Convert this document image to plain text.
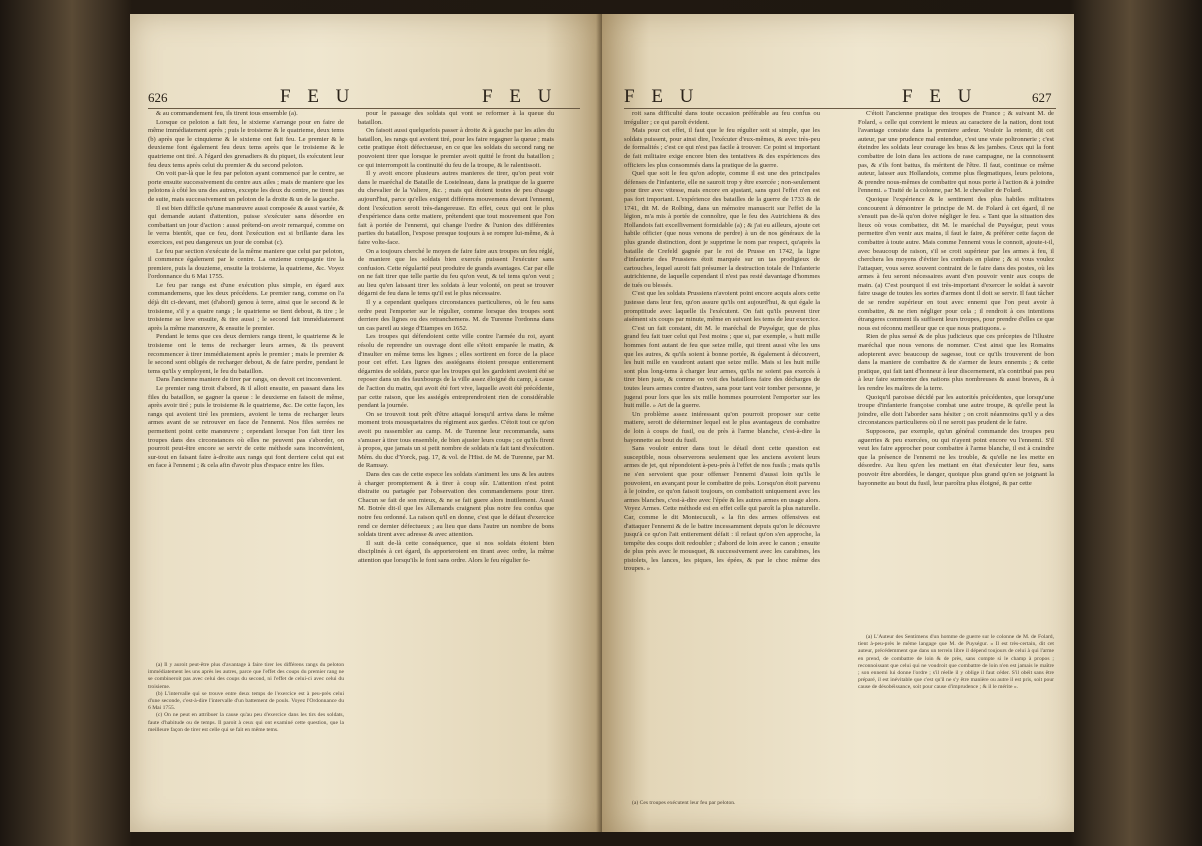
626	F E U	F E U

& au commandement feu, ils tirent tous ensemble (a).

Lorsque ce peloton a fait feu, le sixieme s'arrange pour en faire de même immédiatement après ; puis le troisieme & le quatrieme, deux tems (b) après que le cinquieme & le sixieme ont fait feu. Le premier & le deuxieme font également feu deux tems après que le troisieme & le quatrieme ont tiré. A l'égard des grenadiers & du piquet, ils exécutent leur feu deux tems après celui du premier & du second peloton.

On voit par-là que le feu par peloton ayant commencé par le centre, se porte ensuite successivement du centre aux ailes ; mais de maniere que les pelotons à côté les uns des autres, excepte les deux du centre, ne tirent pas de suite, mais successivement un peloton de la droite & un de la gauche.

Il est bien difficile qu'une manœuvre aussi composée & aussi variée, & qui demande autant d'attention, puisse s'exécuter sans désordre en combattant un jour d'action : aussi prétend-on avoir remarqué, comme on le verra bientôt, que ce feu, dont l'exécution est si brillante dans les exercices, est peu dangereux un jour de combat (c).

Le feu par section s'exécute de la même maniere que celui par peloton, il commence également par le centre. La onzieme compagnie tire la premiere, puis la douzieme, ensuite la troisieme, la quatrieme, &c. Voyez l'ordonnance du 6 Mai 1755.

Le feu par rangs est d'une exécution plus simple, en égard aux commandemens, que les deux précédens. Le premier rang, comme on l'a déjà dit ci-devant, met (d'abord) genou à terre, ainsi que le second & le troisieme, s'il y a quatre rangs ; le quatrieme se tient debout, & tire ; le troisieme se leve ensuite, & tire aussi ; le second fait immédiatement après la même manœuvre, & ensuite le premier.

Pendant le tems que ces deux derniers rangs tirent, le quatrieme & le troisieme ont le tems de recharger leurs armes, & ils peuvent recommencer à tirer immédiatement après le premier ; mais le premier & le second sont obligés de recharger debout, & de faire perdre, pendant le tems qu'ils y employent, le feu du bataillon.

Dans l'ancienne maniere de tirer par rangs, on devoit cet inconvenient.

Le premier rang tiroit d'abord, & il alloit ensuite, en passant dans les files du bataillon, se gagner la queue : le deuxieme en faisoit de même, après avoir tiré ; puis le troisieme & le quatrieme, &c. De cette façon, les rangs qui avoient tiré les premiers, avoient le tems de recharger leurs armes avant de se retrouver en face de l'ennemi. Nos files serrées ne permettent point cette manœuvre ; cependant lorsque l'on fait tirer les troupes dans des circonstances où elles ne peuvent pas s'aborder, on pourroit peut-être encore se servir de cette méthode sans inconvénient, sur-tout en faisant faire à-droite aux rangs qui font derriere celui qui est en face à l'ennemi ; & cela afin d'avoir plus d'espace entre les files.

(a) Il y auroit peut-être plus d'avantage à faire tirer les différens rangs du peloton immédiatement les uns après les autres, parce que l'effet des coups du premier rang ne se combineroit pas avec celui des coups du second, ni l'effet de celui-ci avec celui du troisieme.

(b) L'intervalle qui se trouve entre deux temps de l'exercice est à peu-près celui d'une seconde, c'est-à-dire l'intervalle d'un battement de pouls. Voyez l'Ordonnance du 6 Mai 1755.

(c) On ne peut en attribuer la cause qu'au peu d'exercice dans les tirs des soldats, faute d'habitude ou de temps. Il paroit à ceux qui ont examiné cette question, que la meilleure façon de tirer est celle qui se fait en même tems.

pour le passage des soldats qui vont se reformer à la queue du bataillon.

On faisoit aussi quelquefois passer à droite & à gauche par les ailes du bataillon, les rangs qui avoient tiré, pour les faire regagner la queue ; mais cette pratique étoit défectueuse, en ce que les soldats du second rang ne pouvoient tirer que lorsque le premier avoit quitté le front du bataillon ; ce qui interrompoit la continuité du feu de la troupe, & le ralentissoit.

Il y avoit encore plusieurs autres manieres de tirer, qu'on peut voir dans le maréchal de Bataille de Lostelneau, dans la pratique de la guerre du chevalier de la Valiere, &c. ; mais qui étoient toutes de peu d'usage aujourd'hui, parce qu'elles exigent différens mouvemens devant l'ennemi, dont l'exécution seroit très-dangereuse. En effet, ceux qui ont le plus d'expérience dans cette matiere, prétendent que tout mouvement que l'on fait à portée de l'ennemi, qui change l'ordre & l'union des différentes parties du bataillon, l'expose presque toujours à se rompre lui-même, & à faire volte-face.

On a toujours cherché le moyen de faire faire aux troupes un feu réglé, de maniere que les soldats bien exercés puissent l'exécuter sans confusion. Cette régularité peut produire de grands avantages. Car par elle on ne fait tirer que telle partie du feu qu'on veut, & tel tems qu'on veut ; au lieu qu'en laissant tirer les soldats à leur volonté, on peut se trouver dégarni de feu dans le tems qu'il est le plus nécessaire.

Il y a cependant quelques circonstances particulieres, où le feu sans ordre peut l'emporter sur le régulier, comme lorsque des troupes sont derriere des lignes ou des retranchemens. M. de Turenne l'ordonna dans un cas pareil au siege d'Etampes en 1652.

Les troupes qui défendoient cette ville contre l'armée du roi, ayant résolu de reprendre un ouvrage dont elle s'étoit emparée le matin, & d'insulter en même tems les lignes ; elles sortirent en force de la place pour cet effet. Les lignes des assiégeans étoient presque entierement dégarnies de soldats, parce que les troupes qui les gardoient avoient été se reposer dans un des fauxbourgs de la ville assez éloigné du camp, à cause de l'action du matin, qui avoit été fort vive, laquelle avoit été précédente, par cette raison, que les assiégés entreprendroient rien de considérable pendant la journée.

On se trouvoit tout prêt d'être attaqué lorsqu'il arriva dans le même moment trois mousquetaires du régiment aux gardes. C'étoit tout ce qu'on avoit pu rassembler au camp. M. de Turenne leur recommanda, sans s'amuser à tirer tous ensemble, de bien ajuster leurs coups ; ce qu'ils firent à propos, que jamais un si petit nombre de soldats n'a fait tant d'exécution. Mém. du duc d'Yorck, pag. 17, & vol. de l'Hist. de M. de Turenne, par M. de Ramsay.

Dans des cas de cette espece les soldats s'animent les uns & les autres à charger promptement & à tirer à coup sûr. L'attention n'est point distraite ou partagée par l'observation des commandemens pour tirer. Chacun se fait de son mieux, & ne se fait guere alors inutilement. Aussi M. Botrée dit-il que les Allemands craignent plus notre feu confus que notre feu ordonné. La raison qu'il en donne, c'est que le défaut d'exercice rend ce dernier défectueux ; au lieu que dans l'autre un nombre de bons soldats tirent avec adresse & avec attention.

Il suit de-là cette conséquence, que si nos soldats étoient bien disciplinés à cet égard, ils apporteroient en tirant avec ordre, la même attention que lorsqu'ils le font sans ordre. Alors le feu régulier fe-

F E U	F E U	627

roit sans difficulté dans toute occasion préférable au feu confus ou irrégulier ; ce qui paroît évident.

Mais pour cet effet, il faut que le feu régulier soit si simple, que les soldats puissent, pour ainsi dire, l'exécuter d'eux-mêmes, & avec très-peu de formalités ; c'est ce qui n'est pas facile à trouver. Ce point si important de fait militaire exige encore bien des tentatives & des expériences des officiers les plus consommés dans la pratique de la guerre.

Quel que soit le feu qu'on adopte, comme il est une des principales défenses de l'infanterie, elle ne sauroit trop y être exercée ; non-seulement pour tirer avec vitesse, mais encore en ajustant, sans quoi l'effet n'en est pas fort important. L'expérience des batailles de la guerre de 1733 & de 1741, dit M. de Rolbing, dans un mémoire manuscrit sur l'effet de la légion, m'a mis à portée de connoître, que le feu des Autrichiens & des Hollandois fait exceſſivement formidable (a) ; & j'ai eu ailleurs, ajoute cet habile officier (que nous venons de perdre) à un de nos généraux de la plus grande distinction, dont je supprime le nom par respect, qu'après la bataille de Crefeld gagnée par le roi de Prusse en 1742, la ligne d'infanterie des Prussiens étoit marquée sur un tas prodigieux de cartouches, lequel auroit fait présumer la destruction totale de l'infanterie autrichienne, de laquelle cependant il n'est pas resté davantage d'hommes de tués ou blessés.

C'est que les soldats Prussiens n'avoient point encore acquis alors cette justesse dans leur feu, qu'on assure qu'ils ont aujourd'hui, & qui égale la promptitude avec laquelle ils l'exécutent. On fait qu'ils peuvent tirer aisément six coups par minute, même en suivant les tems de leur exercice.

C'est un fait constant, dit M. le maréchal de Puységur, que de plus grand feu fait tuer celui qui l'est moins ; que si, par exemple, « huit mille hommes font autant de feu que seize mille, qui tirent aussi vîte les uns que les autres, & qu'ils soient à bonne portée, & également à découvert, les huit mille en vaudront autant que seize mille. Mais si les huit mille sont plus long-tems à charger leur armes, qu'ils ne soient pas exercés à tirer bien juste, & comme on voit des bataillons faire des décharges de toutes leurs armes contre d'autres, sans pour tant voir tomber personne, je jugerai pour lors que les six mille hommes pourroient l'emporter sur les huit mille. » Art de la guerre.

Un problème assez intéressant qu'on pourroit proposer sur cette matiere, seroit de déterminer lequel est le plus avantageux de combattre de loin à coups de fusil, ou de près à l'arme blanche, c'est-à-dire la bayonnette au bout du fusil.

Sans vouloir entrer dans tout le détail dont cette question est susceptible, nous observerons seulement que les anciens avoient leurs armes de jet, qui répondoient à-peu-près à l'effet de nos fusils ; mais qu'ils ne s'en servoient que pour offenser l'ennemi d'aussi loin qu'ils le pouvoient, en avançant pour le combattre de près. Lorsqu'on étoit parvenu à le joindre, ce qu'on faisoit toujours, on combattoit uniquement avec les armes blanches, c'est-à-dire avec l'épée & les autres armes en usage alors. Voyez Armes. Cette méthode est en effet celle qui paroît la plus naturelle. Car, comme le dit Montecuculi, « la fin des armes offensives est d'attaquer l'ennemi & de le battre incessamment depuis qu'on le découvre jusqu'à ce qu'on l'ait entierement défait : il refaut qu'on s'en approche, la tempête des coups doit redoubler ; d'abord de loin avec le canon ; ensuite de plus près avec le mousquet, & successivement avec les carabines, les pistolets, les lances, les piques, les épées, & par le choc même des troupes. »

(a) Ces troupes exécutent leur feu par peloton.

C'étoit l'ancienne pratique des troupes de France ; & suivant M. de Folard, « celle qui convient le mieux au caractere de la nation, dont tout l'avantage consiste dans la premiere ardeur. Vouloir la retenir, dit cet auteur, par une prudence mal entendue, c'est une vraie poltronnerie ; c'est éteindre les soldats leur courage les bras & les jambes. Ceux qui la font combattre de loin dans les actions de rase campagne, ne la connoissent pas, & s'ils font battus, ils méritent de l'être. Il faut, continue ce même auteur, laisser aux Hollandois, comme plus flegmatiques, leurs pelotons, & prendre nous-mêmes de combattre qui nous porte à l'action & à joindre l'ennemi. » Traité de la colonne, par M. le chevalier de Folard.

Quoique l'expérience & le sentiment des plus habiles militaires concourent à démontrer le principe de M. de Folard à cet égard, il ne s'ensuit pas de-là qu'on doive négliger le feu. « Tant que la situation des lieux où vous combattez, dit M. le maréchal de Puységur, peut vous permettre d'en venir aux mains, il faut le faire, & préférer cette façon de combattre à toute autre. Mais comme l'ennemi vous le connoit, ajoute-t-il, avec beaucoup de raison, s'il se croit supérieur par les armes à feu, il cherchera les moyens d'éviter les combats en plaine ; & si vous voulez l'attaquer, vous serez souvent contraint de le faire dans des postes, où les armes à feu seront nécessaires avant d'en pouvoir venir aux coups de main. (a) C'est pourquoi il est très-important d'exercer le soldat à savoir faire usage de toutes les sortes d'armes dont il doit se servir. Il faut tâcher de se rendre supérieur en tout avec ennemi que l'on peut avoir à combattre, & ne rien négliger pour cela ; il rendroit à ces intentions étrangeres comment ils suffisent leurs troupes, pour prendre d'elles ce que nous est réconnu meilleur que ce que nous pratiquons. »

Rien de plus sensé & de plus judicieux que ces préceptes de l'illustre maréchal que nous venons de nommer. C'est ainsi que les Romains adopterent avec beaucoup de sagesse, tout ce qu'ils trouverent de bon dans la maniere de combattre & de s'armer de leurs ennemis ; & cette pratique, qui fait tant d'honneur à leur discernement, n'a contribué pas peu à leur faire surmonter des nations plus nombreuses & aussi braves, & à les rendre les maîtres de la terre.

Quoiqu'il paroisse décidé par les autorités précédentes, que lorsqu'une troupe d'infanterie françoise combat une autre troupe, & qu'elle peut la joindre, elle doit l'aborder sans hésiter ; on croit néanmoins qu'il y a des circonstances particulieres où il ne seroit pas prudent de le faire.

Supposons, par exemple, qu'un général commande des troupes peu aguerries & peu exercées, ou qui n'ayent point encore vu l'ennemi. S'il veut les faire approcher pour combattre à l'arme blanche, il est à craindre que la présence de l'ennemi ne les trouble, & qu'elle ne les mette en désordre. Au lieu qu'en les mettant en état d'exécuter leur feu, sans pouvoir être abordées, le danger, quoique plus grand qu'en se joignant la bayonnette au bout du fusil, leur paroîtra plus éloigné, & par cette

(a) L'Auteur des Sentimens d'un homme de guerre sur le colonne de M. de Folard, tient à-peu-près le même langage que M. de Puységur. « Il est très-certain, dit cet auteur, précédemment que dans un terrein libre il dépend toujours de celui à qui l'arme en prend, de combattre de loin & de près, sans compte si le champ à propos ; reconnoissant que celui qui ne voudroit que combattre de loin n'en est jamais le maître ; son ennemi lui donne l'ordre ; s'il réelle il y oblige il faut céder. S'il obéit sans être préparé, il est inévitable que c'est qu'il ne s'y être manière ou autre il est pris, soit pour cause de désobéissance, soit pour cause d'imprudence ; & il le mérite ».
